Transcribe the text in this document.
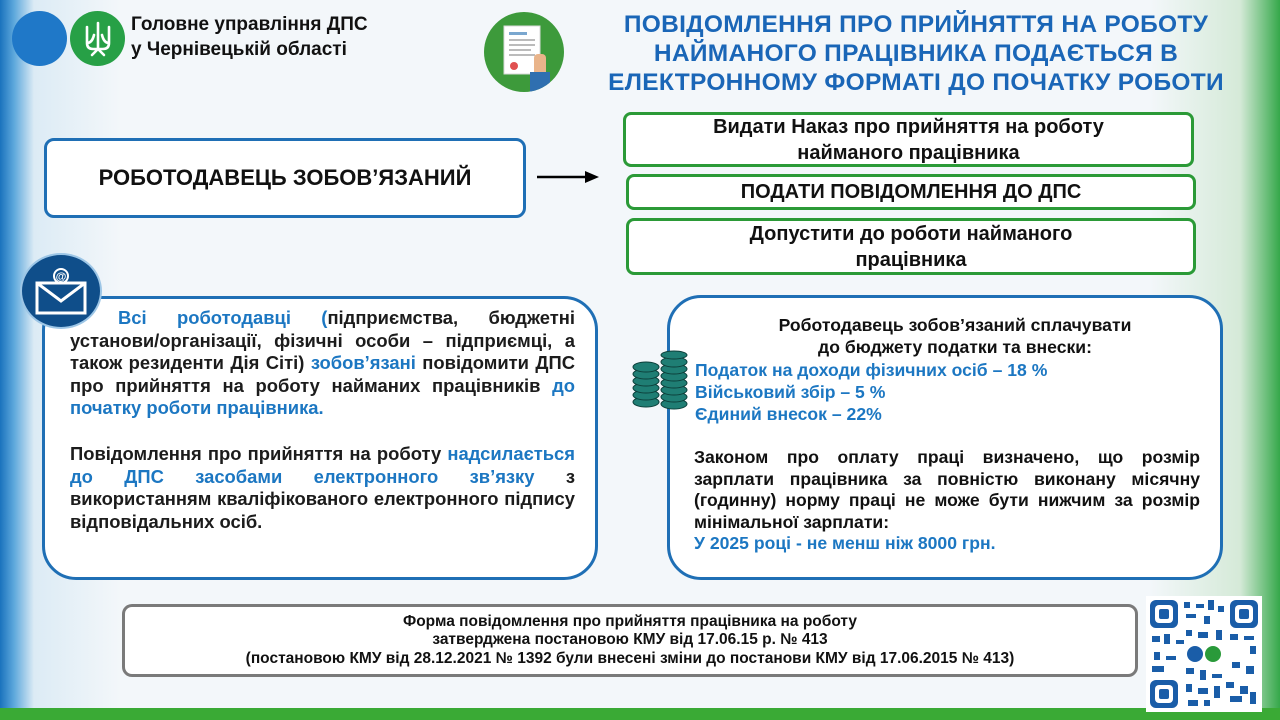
Головне управління ДПС
у Чернівецькій області
ПОВІДОМЛЕННЯ ПРО ПРИЙНЯТТЯ НА РОБОТУ
НАЙМАНОГО ПРАЦІВНИКА ПОДАЄТЬСЯ В
ЕЛЕКТРОННОМУ ФОРМАТІ ДО ПОЧАТКУ РОБОТИ
РОБОТОДАВЕЦЬ ЗОБОВ’ЯЗАНИЙ
Видати Наказ про прийняття на роботу
найманого працівника
ПОДАТИ ПОВІДОМЛЕННЯ ДО ДПС
Допустити до роботи найманого
працівника

Всі роботодавці (підприємства, бюджетні установи/організації, фізичні особи – підприємці, а також резиденти Дія Сіті) зобов’язані повідомити ДПС про прийняття на роботу найманих працівників до початку роботи працівника.

Повідомлення про прийняття на роботу надсилається до ДПС засобами електронного зв’язку з використанням кваліфікованого електронного підпису відповідальних осіб.

@
Роботодавець зобов’язаний сплачувати
до бюджету податки та внески:
Податок на доходи фізичних осіб – 18 %
Військовий збір – 5 %
Єдиний внесок – 22%
Законом про оплату праці визначено, що розмір зарплати працівника за повністю виконану місячну (годинну) норму праці не може бути нижчим за розмір мінімальної зарплати:
У 2025 році - не менш ніж 8000 грн.
Форма повідомлення про прийняття працівника на роботу
затверджена постановою КМУ від 17.06.15 р. № 413
(постановою КМУ від 28.12.2021 № 1392 були внесені зміни до постанови КМУ від 17.06.2015 № 413)
